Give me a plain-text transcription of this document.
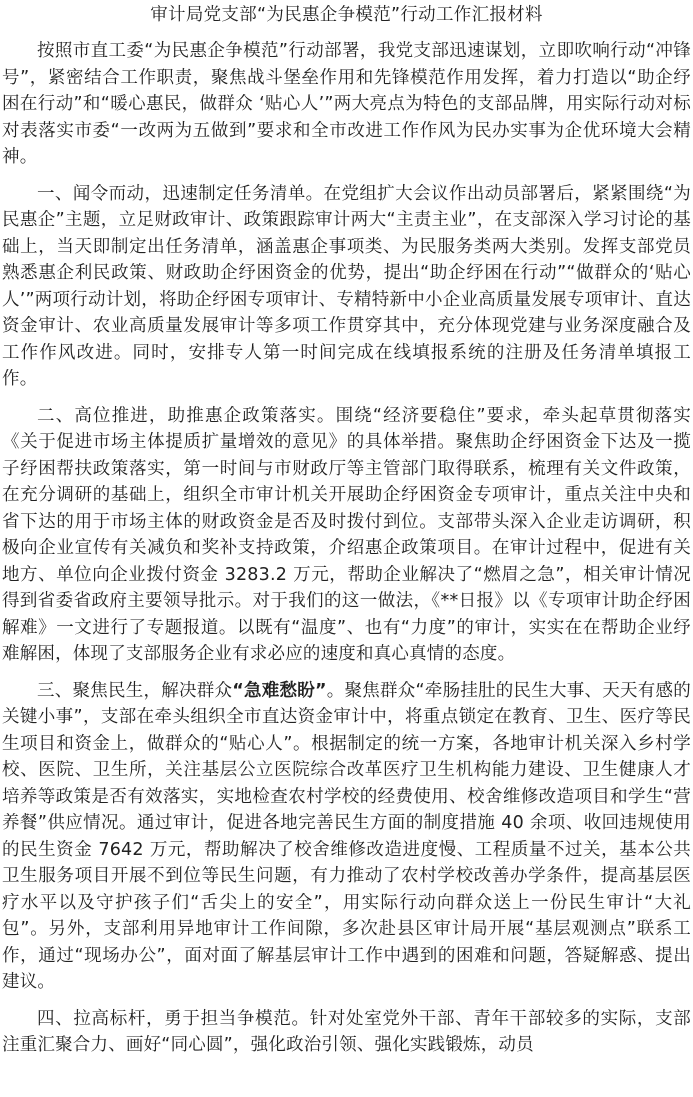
审计局党支部“为民惠企争模范”行动工作汇报材料

按照市直工委“为民惠企争模范”行动部署，我党支部迅速谋划，立即吹响行动“冲锋号”，紧密结合工作职责，聚焦战斗堡垒作用和先锋模范作用发挥，着力打造以“助企纾困在行动”和“暖心惠民，做群众 ‘贴心人’”两大亮点为特色的支部品牌，用实际行动对标对表落实市委“一改两为五做到”要求和全市改进工作作风为民办实事为企优环境大会精神。

一、闻令而动，迅速制定任务清单。在党组扩大会议作出动员部署后，紧紧围绕“为民惠企”主题，立足财政审计、政策跟踪审计两大“主责主业”，在支部深入学习讨论的基础上，当天即制定出任务清单，涵盖惠企事项类、为民服务类两大类别。发挥支部党员熟悉惠企利民政策、财政助企纾困资金的优势，提出“助企纾困在行动”“做群众的‘贴心人’”两项行动计划，将助企纾困专项审计、专精特新中小企业高质量发展专项审计、直达资金审计、农业高质量发展审计等多项工作贯穿其中，充分体现党建与业务深度融合及工作作风改进。同时，安排专人第一时间完成在线填报系统的注册及任务清单填报工作。

二、高位推进，助推惠企政策落实。围绕“经济要稳住”要求，牵头起草贯彻落实《关于促进市场主体提质扩量增效的意见》的具体举措。聚焦助企纾困资金下达及一揽子纾困帮扶政策落实，第一时间与市财政厅等主管部门取得联系，梳理有关文件政策，在充分调研的基础上，组织全市审计机关开展助企纾困资金专项审计，重点关注中央和省下达的用于市场主体的财政资金是否及时拨付到位。支部带头深入企业走访调研，积极向企业宣传有关减负和奖补支持政策，介绍惠企政策项目。在审计过程中，促进有关地方、单位向企业拨付资金 3283.2 万元，帮助企业解决了“燃眉之急”，相关审计情况得到省委省政府主要领导批示。对于我们的这一做法，《**日报》以《专项审计助企纾困解难》一文进行了专题报道。以既有“温度”、也有“力度”的审计，实实在在帮助企业纾难解困，体现了支部服务企业有求必应的速度和真心真情的态度。

三、聚焦民生，解决群众“急难愁盼”。聚焦群众“牵肠挂肚的民生大事、天天有感的关键小事”，支部在牵头组织全市直达资金审计中，将重点锁定在教育、卫生、医疗等民生项目和资金上，做群众的“贴心人”。根据制定的统一方案，各地审计机关深入乡村学校、医院、卫生所，关注基层公立医院综合改革医疗卫生机构能力建设、卫生健康人才培养等政策是否有效落实，实地检查农村学校的经费使用、校舍维修改造项目和学生“营养餐”供应情况。通过审计，促进各地完善民生方面的制度措施 40 余项、收回违规使用的民生资金 7642 万元，帮助解决了校舍维修改造进度慢、工程质量不过关，基本公共卫生服务项目开展不到位等民生问题，有力推动了农村学校改善办学条件，提高基层医疗水平以及守护孩子们“舌尖上的安全”，用实际行动向群众送上一份民生审计“大礼包”。另外，支部利用异地审计工作间隙，多次赴县区审计局开展“基层观测点”联系工作，通过“现场办公”，面对面了解基层审计工作中遇到的困难和问题，答疑解惑、提出建议。

四、拉高标杆，勇于担当争模范。针对处室党外干部、青年干部较多的实际，支部注重汇聚合力、画好“同心圆”，强化政治引领、强化实践锻炼，动员
